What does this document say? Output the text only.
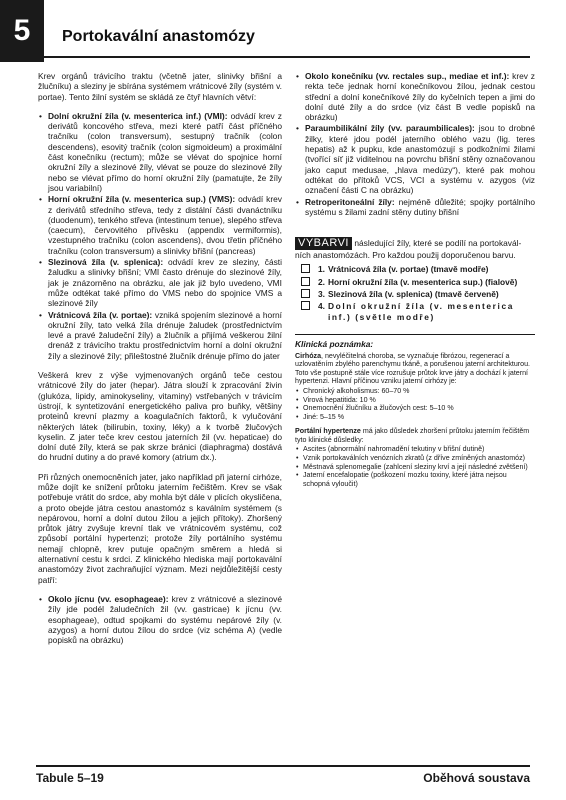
5	Portokavální anastomózy

Krev orgánů trávicího traktu (včetně jater, slinivky břišní a žlučníku) a sleziny je sbírána systémem vrátnicové žíly (systém v. portae). Tento žilní systém se skládá ze čtyř hlavních větví:

• Dolní okružní žíla (v. mesenterica inf.) (VMI): odvádí krev z derivátů koncového střeva, mezi které patří část příčného tračníku (colon transversum), sestupný tračník (colon descendens), esovitý tračník (colon sigmoideum) a proximální část konečníku (rectum); může se vlévat do spojnice horní okružní žíly a slezinové žíly, vlévat se pouze do slezinové žíly nebo se vlévat přímo do horní okružní žíly (pamatujte, že žíly jsou variabilní)
• Horní okružní žíla (v. mesenterica sup.) (VMS): odvádí krev z derivátů středního střeva, tedy z distální části dvanáctníku (duodenum), tenkého střeva (intestinum tenue), slepého střeva (caecum), červovitého přívěsku (appendix vermiformis), vzestupného tračníku (colon ascendens), dvou třetin příčného tračníku (colon transversum) a slinivky břišní (pancreas)
• Slezinová žíla (v. splenica): odvádí krev ze sleziny, části žaludku a slinivky břišní; VMI často drénuje do slezinové žíly, jak je znázorněno na obrázku, ale jak již bylo uvedeno, VMI může odtékat také přímo do VMS nebo do spojnice VMS a slezinové žíly
• Vrátnicová žíla (v. portae): vzniká spojením slezinové a horní okružní žíly, tato velká žíla drénuje žaludek (prostřednictvím levé a pravé žaludeční žíly) a žlučník a přijímá veškerou žilní drenáž z trávicího traktu prostřednictvím horní a dolní okružní žíly a slezinové žíly; přileštostné žlučník drénuje přímo do jater

Veškerá krev z výše vyjmenovaných orgánů teče cestou vrátnicové žíly do jater (hepar). Játra slouží k zpracování živin (glukóza, lipidy, aminokyseliny, vitaminy) vstřebaných v trávicím ústrojí, k syntetizování energetického paliva pro buňky, většiny proteinů krevní plazmy a koagulačních faktorů, k vylučování některých látek (bilirubin, toxiny, léky) a k tvorbě žlučových kyselin. Z jater teče krev cestou jaterních žil (vv. hepaticae) do dolní duté žíly, která se pak skrze bránici (diaphragma) dostává do hrudní dutiny a do pravé komory (atrium dx.).

Při různých onemocněních jater, jako například při jaterní cirhóze, může dojít ke snížení průtoku jaterním řečištěm. Krev se však potřebuje vrátit do srdce, aby mohla být dále v plicích okysličena, a proto obejde játra cestou anastomóz s kaválním systémem (s nepárovou, horní a dolní dutou žílou a jejich přítoky). Zhoršený průtok játry zvyšuje krevní tlak ve vrátnicovém systému, což způsobí portální hypertenzi; protože žíly portálního systému nemají chlopně, krev putuje opačným směrem a hledá si alternativní cestu k srdci. Z klinického hlediska mají portokavální anastomózy život zachraňující význam. Mezi nejdůležitější cesty patří:

• Okolo jícnu (vv. esophageae): krev z vrátnicové a slezinové žíly jde podél žaludečních žil (vv. gastricae) k jícnu (vv. esophageae), odtud spojkami do systému nepárové žíly (v. azygos) a horní dutou žílou do srdce (viz schéma A) (vedle popisků na obrázku)
• Okolo konečníku (vv. rectales sup., mediae et inf.): krev z rekta teče jednak horní konečníkovou žílou, jednak cestou střední a dolní konečníkové žíly do kyčelních tepen a jimi do dolní duté žíly a do srdce (viz část B vedle popisků na obrázku)
• Paraumbilikální žíly (vv. paraumbilicales): jsou to drobné žilky, které jdou podél jaterního oblého vazu (lig. teres hepatis) až k pupku, kde anastomózují s podkožními žilami (tvořící síť již viditelnou na povrchu břišní stěny označovanou jako caput medusae, „hlava medúzy“), které pak mohou odtékat do přítoků VCS, VCI a systému v. azygos (viz označení části C na obrázku)
• Retroperitoneální žíly: nejméně důležité; spojky portálního systému s žilami zadní stěny dutiny břišní
VYBARVI následující žíly, které se podílí na portokavál- ních anastomózách. Pro každou použij doporučenou barvu.
1. Vrátnicová žíla (v. portae) (tmavě modře)
2. Horní okružní žíla (v. mesenterica sup.) (fialově)
3. Slezinová žíla (v. splenica) (tmavě červeně)
4. Dolní okružní žíla (v. mesenterica inf.) (světle modře)
Klinická poznámka:

Cirhóza, nevyléčitelná choroba, se vyznačuje fibrózou, regenerací a uzlovatěním zbylého parenchymu tkáně, a porušenou jaterní architekturou. Toto vše postupně stále více rozrušuje průtok krve játry a dochází k jaterní hypertenzi. Hlavní příčinou vzniku jaterní cirhózy je:

• Chronický alkoholismus: 60–70 %
• Virová hepatitida: 10 %
• Onemocnění žlučníku a žlučových cest: 5–10 %
• Jiné: 5–15 %

Portální hypertenze má jako důsledek zhoršení průtoku jaterním řečištěm tyto klinické důsledky:

• Ascites (abnormální nahromadění tekutiny v břišní dutině)
• Vznik portokaválních venózních zkratů (z dříve zmíněných anastomóz)
• Městnavá splenomegalie (zahlcení sleziny krví a její následné zvětšení)
• Jaterní encefalopatie (poškození mozku toxiny, které játra nejsou schopná vyloučit)
Tabule 5–19	Oběhová soustava
